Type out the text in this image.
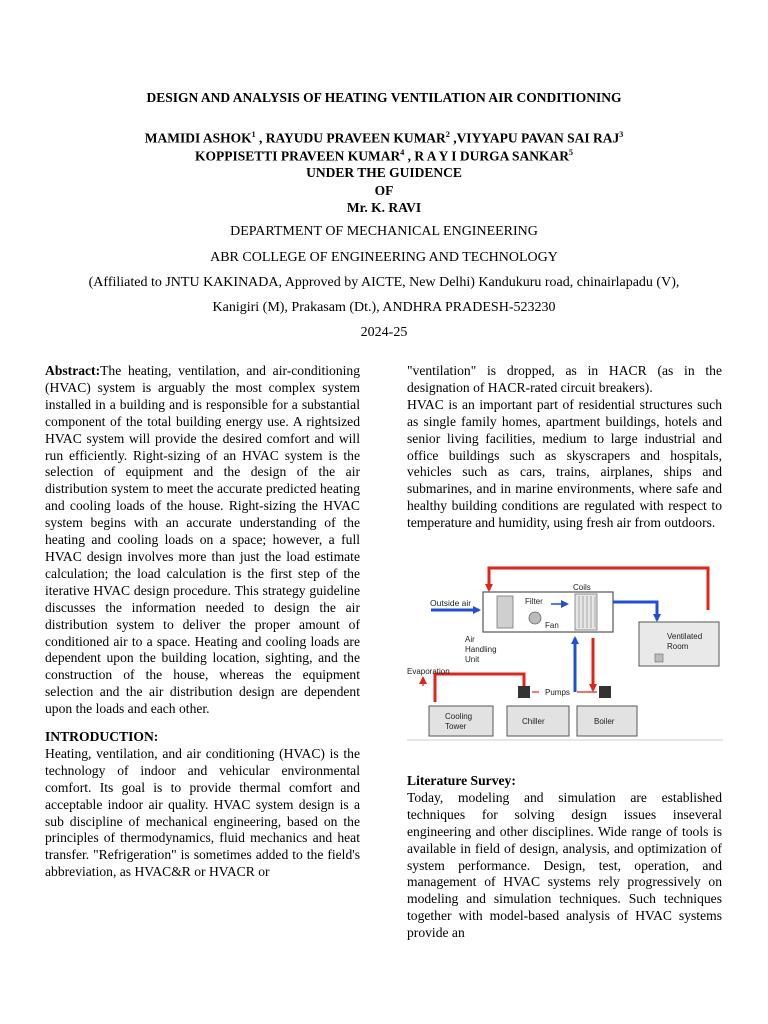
DESIGN AND ANALYSIS OF HEATING VENTILATION AIR CONDITIONING
MAMIDI ASHOK$^1$ , RAYUDU PRAVEEN KUMAR$^2$ ,VIYYAPU PAVAN SAI RAJ$^3$
KOPPISETTI PRAVEEN KUMAR$^4$ , R A Y I DURGA SANKAR$^5$
UNDER THE GUIDENCE
OF
Mr. K. RAVI
DEPARTMENT OF MECHANICAL ENGINEERING
ABR COLLEGE OF ENGINEERING AND TECHNOLOGY
(Affiliated to JNTU KAKINADA, Approved by AICTE, New Delhi) Kandukuru road, chinairlapadu (V),
Kanigiri (M), Prakasam (Dt.), ANDHRA PRADESH-523230
2024-25

Abstract:The heating, ventilation, and air-conditioning (HVAC) system is arguably the most complex system installed in a building and is responsible for a substantial component of the total building energy use. A rightsized HVAC system will provide the desired comfort and will run efficiently. Right-sizing of an HVAC system is the selection of equipment and the design of the air distribution system to meet the accurate predicted heating and cooling loads of the house. Right-sizing the HVAC system begins with an accurate understanding of the heating and cooling loads on a space; however, a full HVAC design involves more than just the load estimate calculation; the load calculation is the first step of the iterative HVAC design procedure. This strategy guideline discusses the information needed to design the air distribution system to deliver the proper amount of conditioned air to a space. Heating and cooling loads are dependent upon the building location, sighting, and the construction of the house, whereas the equipment selection and the air distribution design are dependent upon the loads and each other.

INTRODUCTION:

Heating, ventilation, and air conditioning (HVAC) is the technology of indoor and vehicular environmental comfort. Its goal is to provide thermal comfort and acceptable indoor air quality. HVAC system design is a sub discipline of mechanical engineering, based on the principles of thermodynamics, fluid mechanics and heat transfer. "Refrigeration" is sometimes added to the field's abbreviation, as HVAC&R or HVACR or

"ventilation" is dropped, as in HACR (as in the designation of HACR-rated circuit breakers).

HVAC is an important part of residential structures such as single family homes, apartment buildings, hotels and senior living facilities, medium to large industrial and office buildings such as skyscrapers and hospitals, vehicles such as cars, trains, airplanes, ships and submarines, and in marine environments, where safe and healthy building conditions are regulated with respect to temperature and humidity, using fresh air from outdoors.

Outside air	Filter
Coils
Fan
Air
Handling
Unit
Ventilated
Room
Evaporation
Pumps
Cooling
Tower
Chiller	Boiler

Literature Survey:

Today, modeling and simulation are established techniques for solving design issues inseveral engineering and other disciplines. Wide range of tools is available in field of design, analysis, and optimization of system performance. Design, test, operation, and management of HVAC systems rely progressively on modeling and simulation techniques. Such techniques together with model-based analysis of HVAC systems provide an
